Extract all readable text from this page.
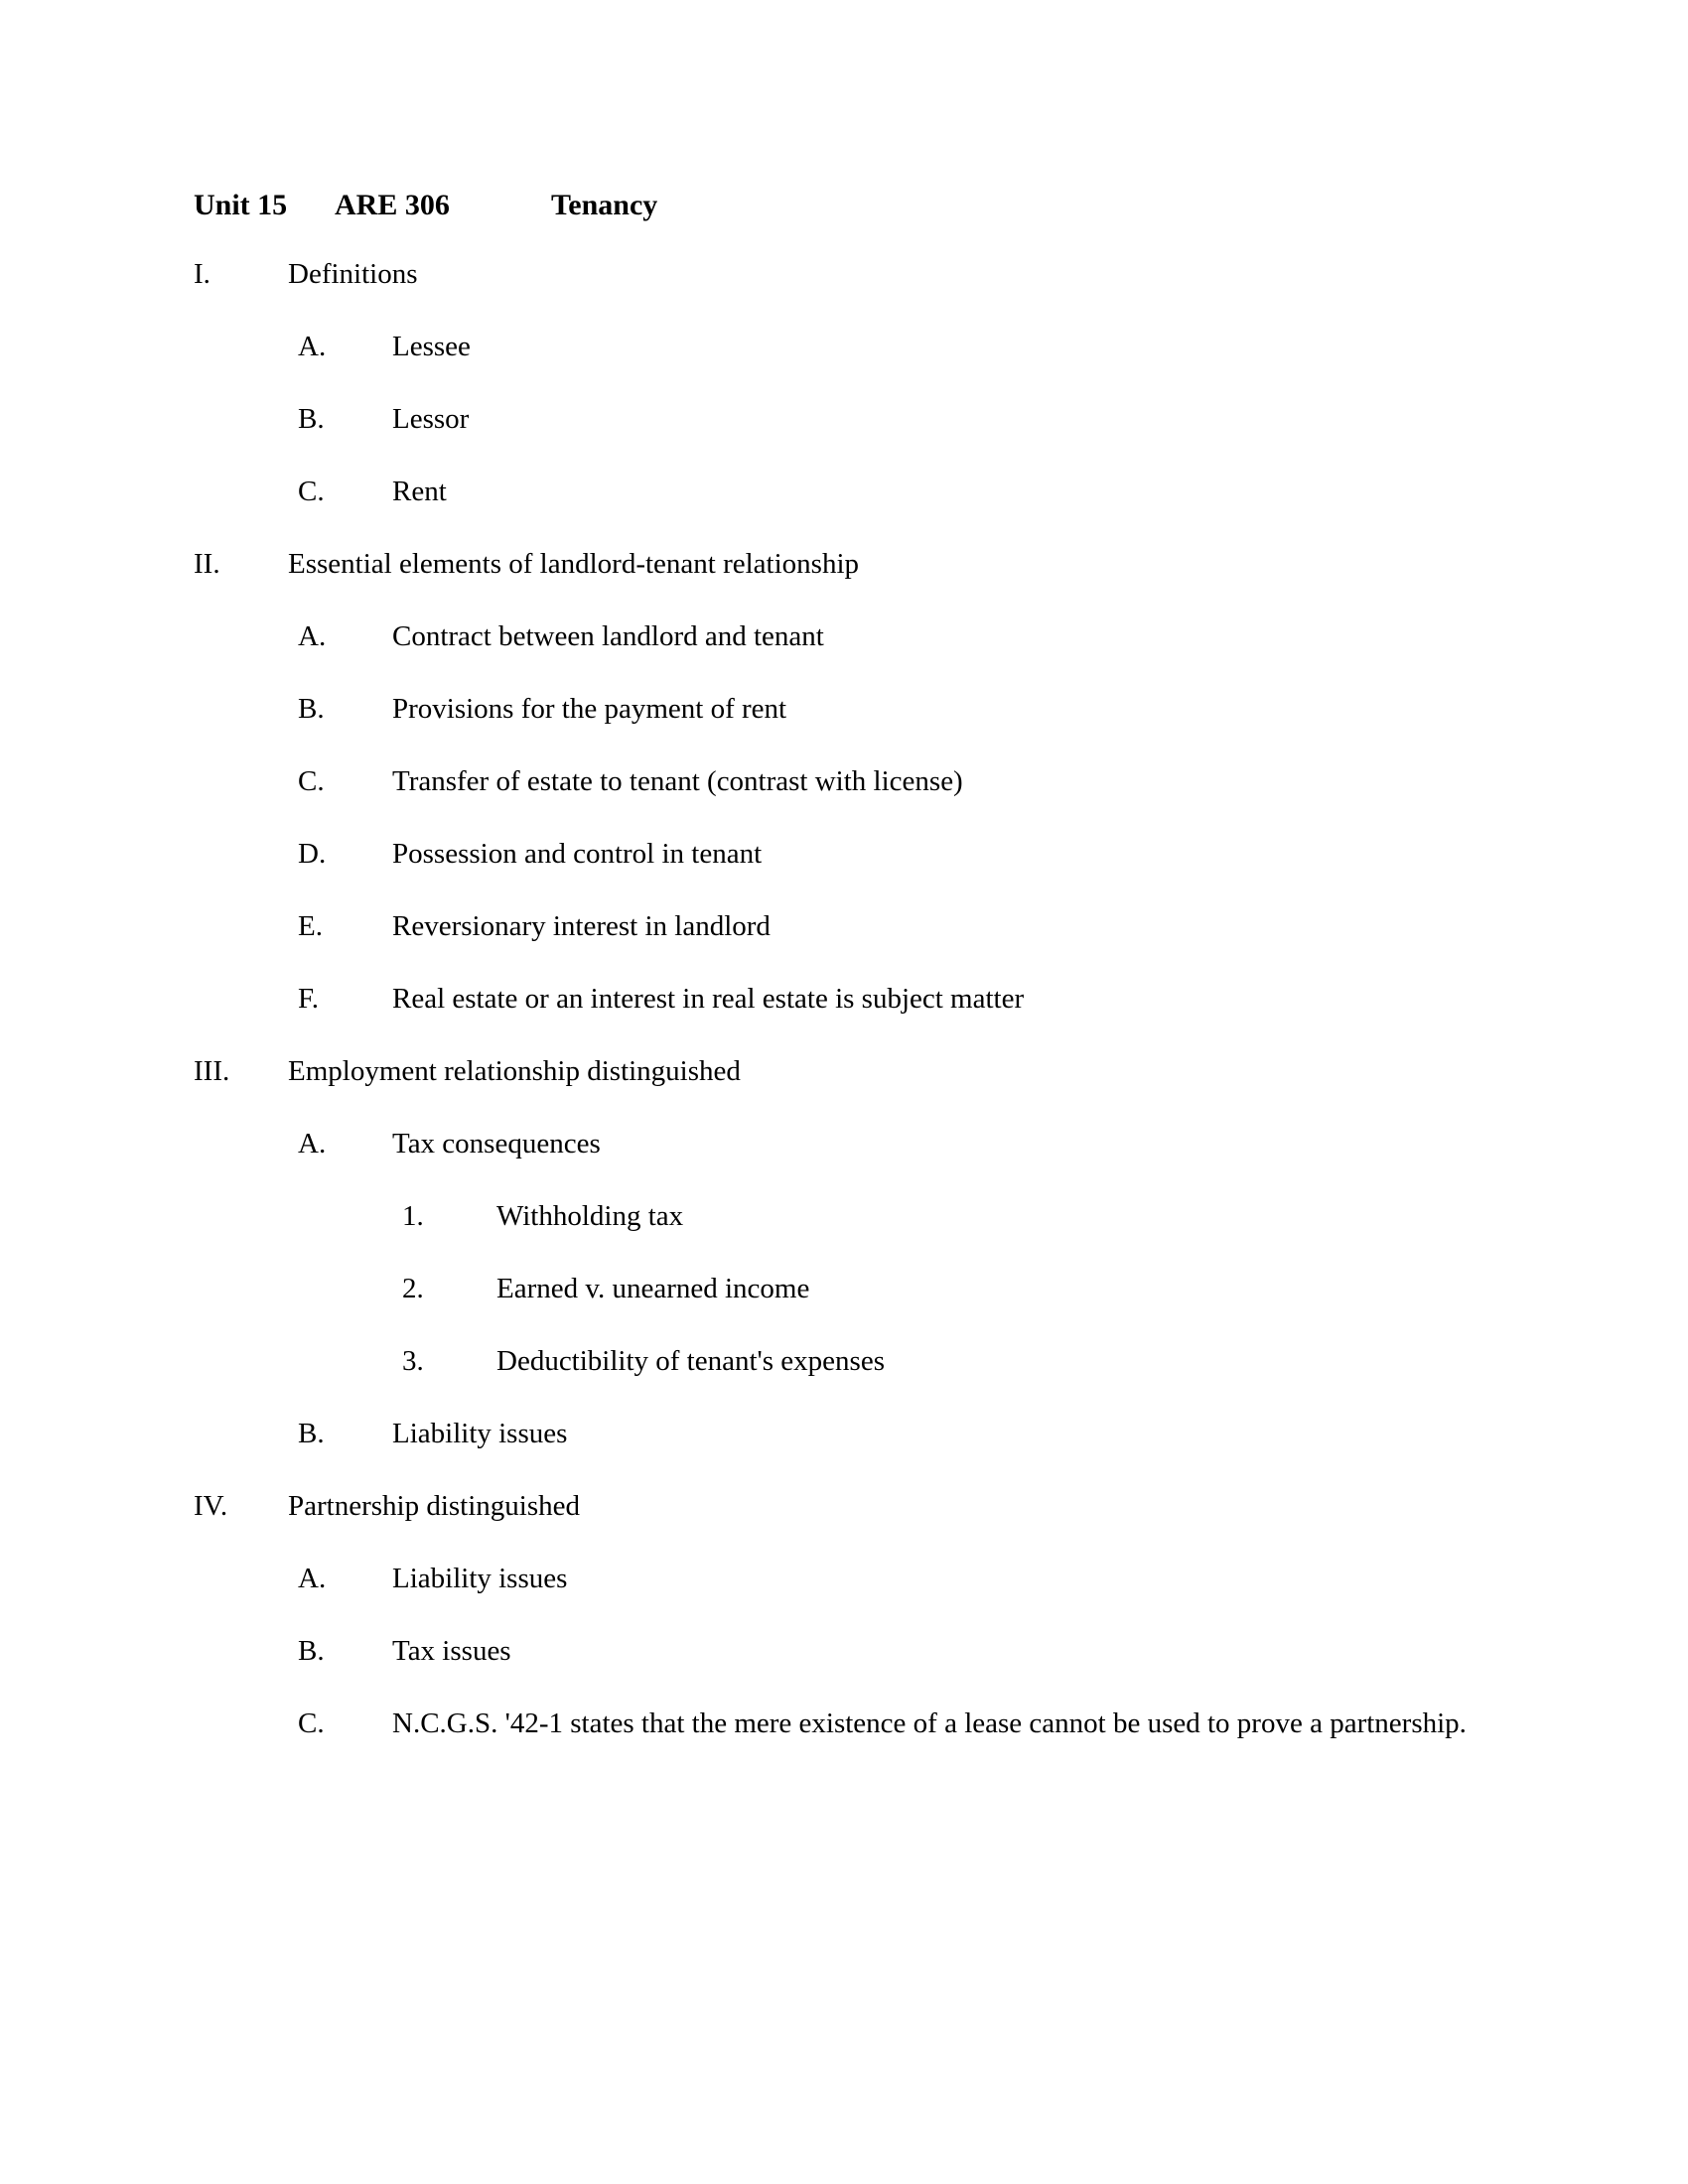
Unit 15 ARE 306	Tenancy
I.	Definitions
A. Lessee
B. Lessor
C. Rent
II. Essential elements of landlord-tenant relationship
A. Contract between landlord and tenant
B. Provisions for the payment of rent
C. Transfer of estate to tenant (contrast with license)
D. Possession and control in tenant
E. Reversionary interest in landlord
F.	Real estate or an interest in real estate is subject matter
III. Employment relationship distinguished
A. Tax consequences
1.	Withholding tax
2.	Earned v. unearned income
3.	Deductibility of tenant's expenses
B. Liability issues
IV. Partnership distinguished
A. Liability issues
B. Tax issues
C. N.C.G.S. '42-1 states that the mere existence of a lease cannot be used to prove a partnership.
